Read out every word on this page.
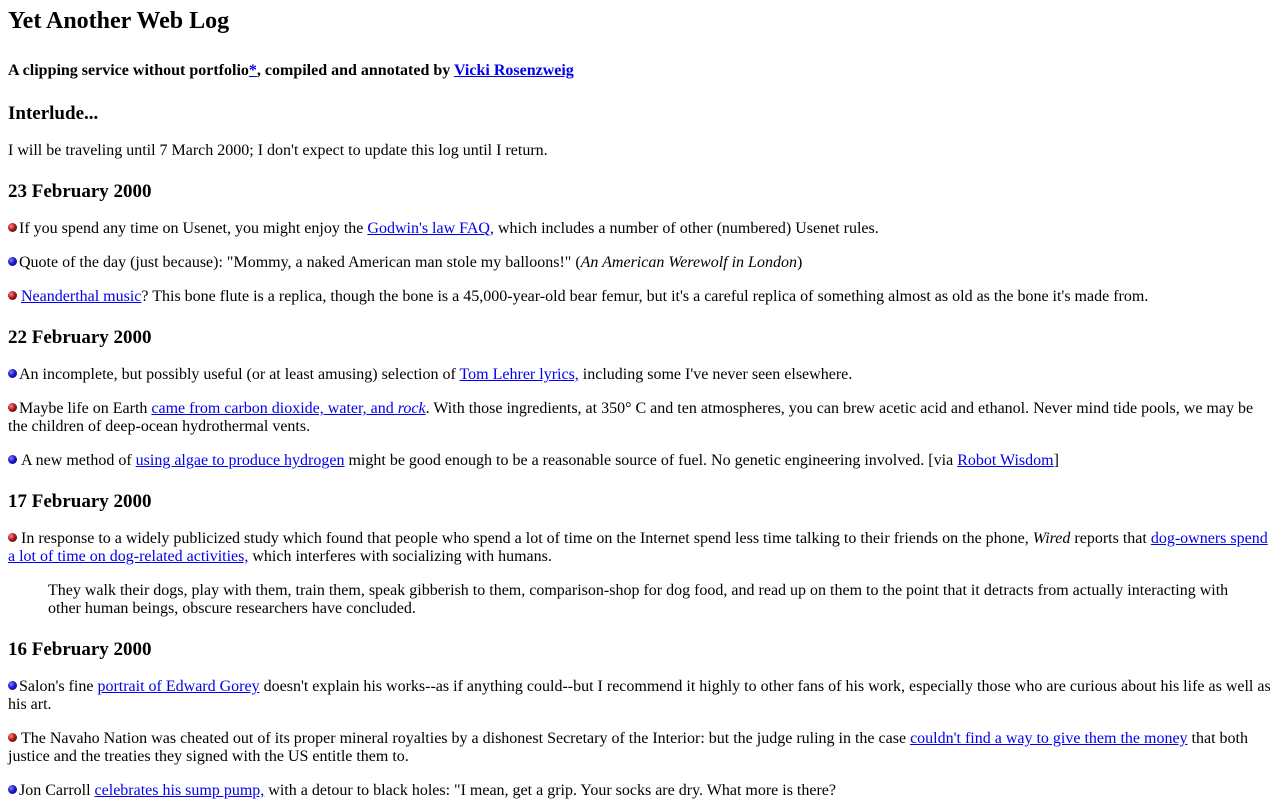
Yet Another Web Log
A clipping service without portfolio*, compiled and annotated by Vicki Rosenzweig
Interlude...

I will be traveling until 7 March 2000; I don't expect to update this log until I return.

23 February 2000

If you spend any time on Usenet, you might enjoy the Godwin's law FAQ, which includes a number of other (numbered) Usenet rules.

Quote of the day (just because): "Mommy, a naked American man stole my balloons!" (An American Werewolf in London)

Neanderthal music? This bone flute is a replica, though the bone is a 45,000-year-old bear femur, but it's a careful replica of something almost as old as the bone it's made from.

22 February 2000

An incomplete, but possibly useful (or at least amusing) selection of Tom Lehrer lyrics, including some I've never seen elsewhere.

Maybe life on Earth came from carbon dioxide, water, and rock. With those ingredients, at 350° C and ten atmospheres, you can brew acetic acid and ethanol. Never mind tide pools, we may be the children of deep-ocean hydrothermal vents.

A new method of using algae to produce hydrogen might be good enough to be a reasonable source of fuel. No genetic engineering involved. [via Robot Wisdom]

17 February 2000

In response to a widely publicized study which found that people who spend a lot of time on the Internet spend less time talking to their friends on the phone, Wired reports that dog-owners spend a lot of time on dog-related activities, which interferes with socializing with humans.

They walk their dogs, play with them, train them, speak gibberish to them, comparison-shop for dog food, and read up on them to the point that it detracts from actually interacting with other human beings, obscure researchers have concluded.
16 February 2000

Salon's fine portrait of Edward Gorey doesn't explain his works--as if anything could--but I recommend it highly to other fans of his work, especially those who are curious about his life as well as his art.

The Navaho Nation was cheated out of its proper mineral royalties by a dishonest Secretary of the Interior: but the judge ruling in the case couldn't find a way to give them the money that both justice and the treaties they signed with the US entitle them to.

Jon Carroll celebrates his sump pump, with a detour to black holes: "I mean, get a grip. Your socks are dry. What more is there?
